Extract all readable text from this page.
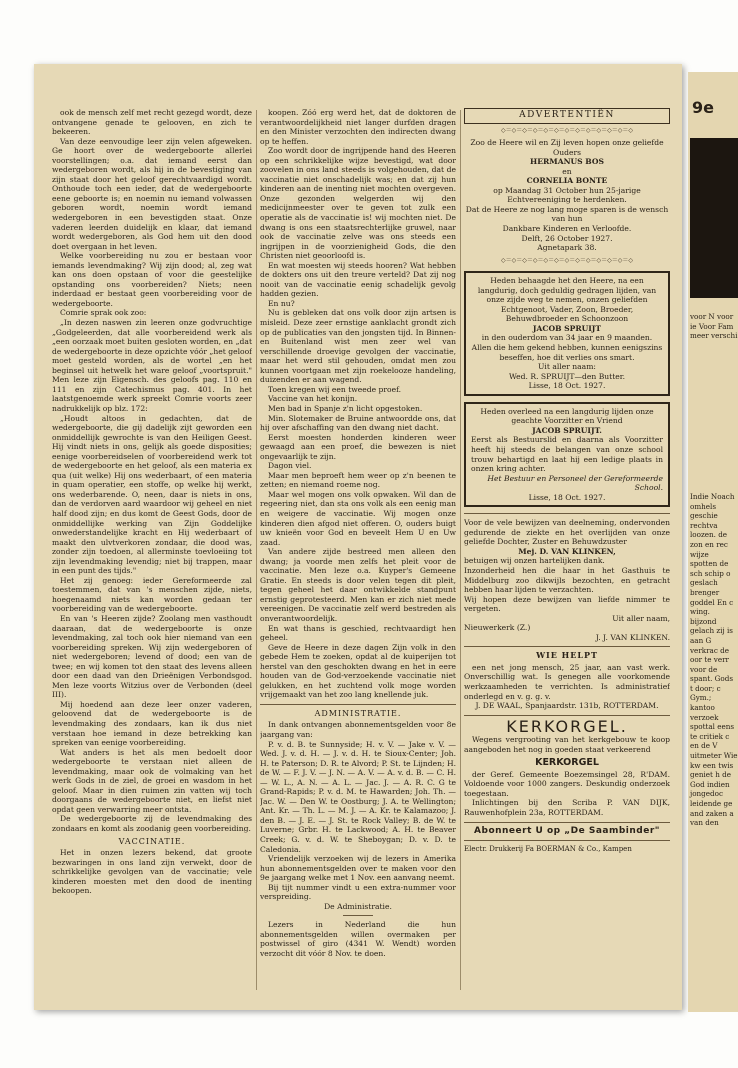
ook de mensch zelf met recht gezegd wordt, deze ontvangene genade te gelooven, en zich te bekeeren.

Van deze eenvoudige leer zijn velen afgeweken. Ge hoort over de wedergeboorte allerlei voorstellingen; o.a. dat iemand eerst dan wedergeboren wordt, als hij in de bevestiging van zijn staat door het geloof gerechtvaardigd wordt. Onthoude toch een ieder, dat de wedergeboorte eene geboorte is; en noemin nu iemand volwassen geboren wordt, noemin wordt iemand wedergeboren in een bevestigden staat. Onze vaderen leerden duidelijk en klaar, dat iemand wordt wedergeboren, als God hem uit den dood doet overgaan in het leven.

Welke voorbereiding nu zou er bestaan voor iemands levendmaking? Wij zijn dood; al, zeg wat kan ons doen opstaan of voor die geestelijke opstanding ons voorbereiden? Niets; neen inderdaad er bestaat geen voorbereiding voor de wedergeboorte.

Comrie sprak ook zoo:

„In dezen naswen zin leeren onze godvruchtige „Godgeleerden, dat alle voorbereidend werk als „een oorzaak moet buiten gesloten worden, en „dat de wedergeboorte in deze opzichte vóór „het geloof moet gesteld worden, als de wortel „en het beginsel uit hetwelk het ware geloof „voortspruit." Men leze zijn Eigensch. des geloofs pag. 110 en 111 en zijn Catechismus pag. 401. In het laatstgenoemde werk spreekt Comrie voorts zeer nadrukkelijk op blz. 172:

„Houdt altoos in gedachten, dat de wedergeboorte, die gij dadelijk zijt geworden een onmiddellijk gewrochte is van den Heiligen Geest. Hij vindt niets in ons, gelijk als goede disposities; eenige voorbereidselen of voorbereidend werk tot de wedergeboorte en het geloof, als een materia ex qua (uit welke) Hij ons wederbaart, of een materia in quam operatier, een stoffe, op welke hij werkt, ons wederbarende. O, neen, daar is niets in ons, dan de verdorven aard waardoor wij geheel en niet half dood zijn; en dus komt de Geest Gods, door de onmiddellijke werking van Zijn Goddelijke onwederstandelijke kracht en Hij wederbaart of maakt den ulvtverkoren zondaar, die dood was, zonder zijn toedoen, al allerminste toevloeiing tot zijn levendmaking levendig; niet bij trappen, maar in een punt des tijds."

Het zij genoeg: ieder Gereformeerde zal toestemmen, dat van 's menschen zijde, niets, hoegenaamd niets kan worden gedaan ter voorbereiding van de wedergeboorte.

En van 's Heeren zijde? Zoolang men vasthoudt daaraan, dat de wedergeboorte is onze levendmaking, zal toch ook hier niemand van een voorbereiding spreken. Wij zijn wedergeboren of niet wedergeboren; levend of dood; een van de twee; en wij komen tot den staat des levens alleen door een daad van den Drieënigen Verbondsgod. Men leze voorts Witzius over de Verbonden (deel III).

Mij hoedend aan deze leer onzer vaderen, geloovend dat de wedergeboorte is de levendmaking des zondaars, kan ik dus niet verstaan hoe iemand in deze betrekking kan spreken van eenige voorbereiding.

Wat anders is het als men bedoelt door wedergeboorte te verstaan niet alleen de levendmaking, maar ook de volmaking van het werk Gods in de ziel, de groei en wasdom in het geloof. Maar in dien ruimen zin vatten wij toch doorgaans de wedergeboorte niet, en liefst niet opdat geen verwarring meer ontsta.

De wedergeboorte zij de levendmaking des zondaars en komt als zoodanig geen voorbereiding.

VACCINATIE.

Het in onzen lezers bekend, dat groote bezwaringen in ons land zijn verwekt, door de schrikkelijke gevolgen van de vaccinatie; vele kinderen moesten met den dood de inenting bekoopen.

koopen. Zóó erg werd het, dat de doktoren de verantwoordelijkheid niet langer durfden dragen en den Minister verzochten den indirecten dwang op te heffen.

Zoo wordt door de ingrijpende hand des Heeren op een schrikkelijke wijze bevestigd, wat door zoovelen in ons land steeds is volgehouden, dat de vaccinatie niet onschadelijk was; en dat zij hun kinderen aan de inenting niet mochten overgeven. Onze gezonden welgerden wij den medicijnmeester over te geven tot zulk een operatie als de vaccinatie is! wij mochten niet. De dwang is ons een staatsrechterlijke gruwel, naar ook de vaccinatie zelve was ons steeds een ingrijpen in de voorzienigheid Gods, die den Christen niet geoorloofd is.

En wat moesten wij steeds hooren? Wat hebben de dokters ons uit den treure verteld? Dat zij nog nooit van de vaccinatie eenig schadelijk gevolg hadden gezien.

En nu?

Nu is gebleken dat ons volk door zijn artsen is misleid. Deze zeer ernstige aanklacht grondt zich op de publicaties van den jongsten tijd. In Binnen- en Buitenland wist men zeer wel van verschillende droevige gevolgen der vaccinatie, maar het werd stil gehouden, omdat men zou kunnen voortgaan met zijn roekelooze handeling, duizenden er aan wagend.

Toen kregen wij een tweede proef.

Vaccine van het konijn.

Men bad in Spanje z'n licht opgestoken.

Min. Slotemaker de Bruine antwoordde ons, dat hij over afschaffing van den dwang niet dacht.

Eerst moesten honderden kinderen weer gewaagd aan een proef, die bewezen is niet ongevaarlijk te zijn.

Dagon viel.

Maar men beproeft hem weer op z'n beenen te zetten; en niemand roeme nog.

Maar wel mogen ons volk opwaken. Wil dan de regeering niet, dan sta ons volk als een eenig man en weigere de vaccinatie. Wij mogen onze kinderen dien afgod niet offeren. O, ouders buigt uw knieën voor God en beveelt Hem U en Uw zaad.

Van andere zijde bestreed men alleen den dwang; ja voorde men zelfs het pleit voor de vaccinatie. Men leze o.a. Kuyper's Gemeene Gratie. En steeds is door velen tegen dit pleit, tegen geheel het daar ontwikkelde standpunt ernstig geprotesteerd. Men kan er zich niet mede vereenigen. De vaccinatie zelf werd bestreden als onverantwoordelijk.

En wat thans is geschied, rechtvaardigt hen geheel.

Geve de Heere in deze dagen Zijn volk in den gebede Hem te zoeken, opdat al de kuiperijen tot herstel van den geschokten dwang en het in eere houden van de God-verzoekende vaccinatie niet gelukken, en het zuchtend volk moge worden vrijgemaakt van het zoo lang knellende juk.

ADMINISTRATIE.

In dank ontvangen abonnementsgelden voor 8e jaargang van:

P. v. d. B. te Sunnyside; H. v. V. — Jake v. V. — Wed. J. v. d. H. — J. v. d. H. te Sioux-Center; Joh. H. te Paterson; D. R. te Alvord; P. St. te Lijnden; H. de W. — F. J. V. — J. N. — A. V. — A. v. d. B. — C. H. — W. L., A. N. — A. L. — Jac. J. — A. R. C. G te Grand-Rapids; P. v. d. M. te Hawarden; Joh. Th. — Jac. W. — Den W. te Oostburg; J. A. te Wellington; Ant. Kr. — Th. L. — M. J. — A. Kr. te Kalamazoo; J. den B. — J. E. — J. St. te Rock Valley; B. de W. te Luverne; Grbr. H. te Lackwood; A. H. te Beaver Creek; G. v. d. W. te Sheboygan; D. v. D. te Caledonia.

Vriendelijk verzoeken wij de lezers in Amerika hun abonnementsgelden over te maken voor den 9e jaargang welke met 1 Nov. een aanvang neemt.

Bij tijt nummer vindt u een extra-nummer voor verspreiding.

De Administratie.

Lezers in Nederland die hun abonnementsgelden willen overmaken per postwissel of giro (4341 W. Wendt) worden verzocht dit vóór 8 Nov. te doen.

ADVERTENTIËN
◇＝◇＝◇＝◇＝◇＝◇＝◇＝◇＝◇＝◇＝◇＝◇＝◇

Zoo de Heere wil en Zij leven hopen onze geliefde Ouders

HERMANUS BOS

en

CORNELIA BONTE

op Maandag 31 October hun 25-jarige Echtvereeniging te herdenken.

Dat de Heere ze nog lang moge sparen is de wensch van hun

Dankbare Kinderen en Verloofde.

Delft, 26 October 1927.

Agnetapark 38.

◇＝◇＝◇＝◇＝◇＝◇＝◇＝◇＝◇＝◇＝◇＝◇＝◇

Heden behaagde het den Heere, na een langdurig, doch geduldig gedragen lijden, van onze zijde weg te nemen, onzen geliefden Echtgenoot, Vader, Zoon, Broeder, Behuwdbroeder en Schoonzoon

JACOB SPRUIJT

in den ouderdom van 34 jaar en 9 maanden.

Allen die hem gekend hebben, kunnen eenigszins beseffen, hoe dit verlies ons smart.

Uit aller naam:

Wed. R. SPRUIJT—den Butter.

Lisse, 18 Oct. 1927.

Heden overleed na een langdurig lijden onze geachte Voorzitter en Vriend

JACOB SPRUIJT.

Eerst als Bestuurslid en daarna als Voorzitter heeft hij steeds de belangen van onze school trouw behartigd en laat hij een ledige plaats in onzen kring achter.

Het Bestuur en Personeel der Gereformeerde School.

Lisse, 18 Oct. 1927.

Voor de vele bewijzen van deelneming, ondervonden gedurende de ziekte en het overlijden van onze geliefde Dochter, Zuster en Behuwdzuster

Mej. D. VAN KLINKEN,

betuigen wij onzen hartelijken dank.

Inzonderheid hen die haar in het Gasthuis te Middelburg zoo dikwijls bezochten, en getracht hebben haar lijden te verzachten.

Wij hopen deze bewijzen van liefde nimmer te vergeten.

Uit aller naam,

Nieuwerkerk (Z.)

J. J. VAN KLINKEN.

WIE HELPT

een net jong mensch, 25 jaar, aan vast werk. Onverschillig wat. Is genegen alle voorkomende werkzaamheden te verrichten. Is administratief onderlegd en v. g. g. v.

J. DE WAAL, Spanjaardstr. 131b, ROTTERDAM.

KERKORGEL.

Wegens vergrooting van het kerkgebouw te koop aangeboden het nog in goeden staat verkeerend

KERKORGEL

der Geref. Gemeente Boezemsingel 28, R'DAM. Voldoende voor 1000 zangers. Deskundig onderzoek toegestaan.

Inlichtingen bij den Scriba P. VAN DIJK, Rauwenhofplein 23a, ROTTERDAM.

Abonneert U op „De Saambinder"

Electr. Drukkerij Fa BOERMAN & Co., Kampen

9e
voor N voor ie Voor Fam meer verschi
Indie Noach omhels geschie rechtva loozen. de zon en rec wijze spotten de sch schip o geslach brenger goddel En c wing. bijzond gelach zij is aan G verkrac de oor te verr voor de spant. Gods t door; c Gym.; kantoo verzoek spottal eens te critiek c en de V uitmeter Wie kw een twis geniet h de God indien jongedoc leidende ge and zaken a van den
